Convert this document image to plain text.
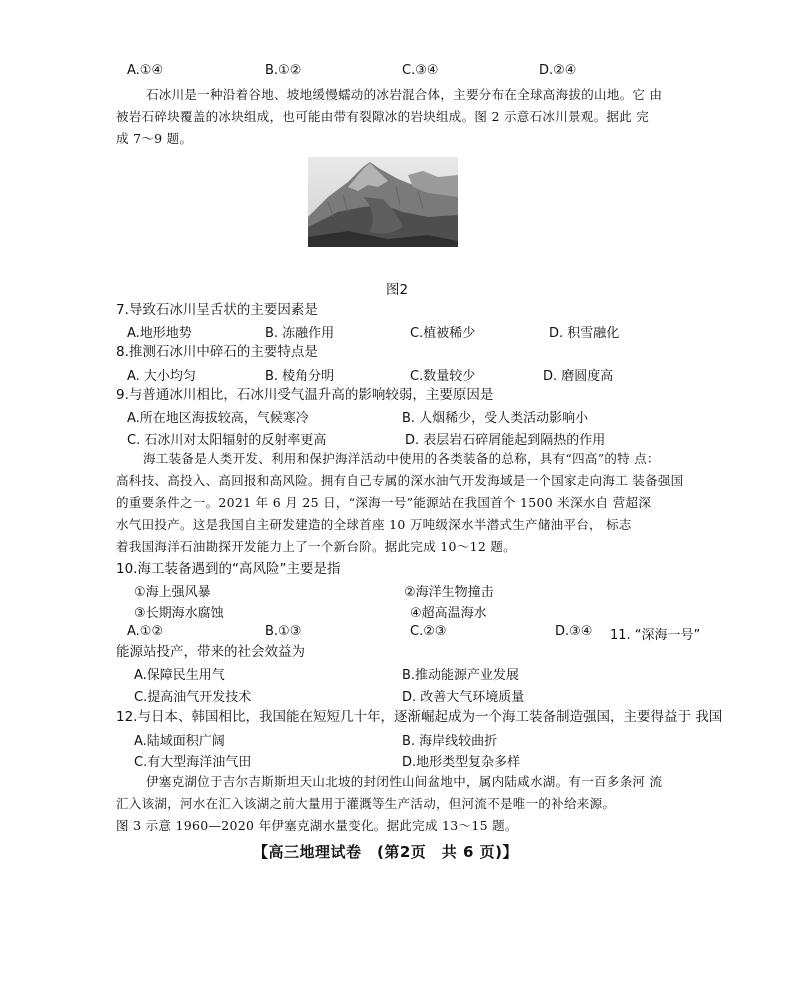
A.①④	B.①②	C.③④	D.②④
石冰川是一种沿着谷地、坡地缓慢蠕动的冰岩混合体，主要分布在全球高海拔的山地。它 由
被岩石碎块覆盖的冰块组成，也可能由带有裂隙冰的岩块组成。图 2 示意石冰川景观。据此 完
成 7～9 题。
图2
7.导致石冰川呈舌状的主要因素是
A.地形地势	B. 冻融作用	C.植被稀少	D. 积雪融化
8.推测石冰川中碎石的主要特点是
A. 大小均匀	B. 棱角分明	C.数量较少	D. 磨圆度高
9.与普通冰川相比，石冰川受气温升高的影响较弱，主要原因是
A.所在地区海拔较高，气候寒冷	B. 人烟稀少，受人类活动影响小
C. 石冰川对太阳辐射的反射率更高	D. 表层岩石碎屑能起到隔热的作用
海工装备是人类开发、利用和保护海洋活动中使用的各类装备的总称，具有“四高”的特 点：
高科技、高投入、高回报和高风险。拥有自己专属的深水油气开发海域是一个国家走向海工 装备强国
的重要条件之一。2021 年 6 月 25 日，“深海一号”能源站在我国首个 1500 米深水自 营超深
水气田投产。这是我国自主研发建造的全球首座 10 万吨级深水半潜式生产储油平台， 标志
着我国海洋石油勘探开发能力上了一个新台阶。据此完成 10～12 题。
10.海工装备遇到的“高风险”主要是指
①海上强风暴	②海洋生物撞击
③长期海水腐蚀	④超高温海水
A.①②	B.①③	C.②③	D.③④ 11. “深海一号”
能源站投产，带来的社会效益为
A.保障民生用气	B.推动能源产业发展
C.提高油气开发技术	D. 改善大气环境质量
12.与日本、韩国相比，我国能在短短几十年，逐渐崛起成为一个海工装备制造强国，主要得益于 我国
A.陆域面积广阔	B. 海岸线较曲折
C.有大型海洋油气田	D.地形类型复杂多样
伊塞克湖位于吉尔吉斯斯坦天山北坡的封闭性山间盆地中，属内陆咸水湖。有一百多条河 流
汇入该湖，河水在汇入该湖之前大量用于灌溉等生产活动，但河流不是唯一的补给来源。
图 3 示意 1960—2020 年伊塞克湖水量变化。据此完成 13～15 题。
【高三地理试卷　(第2页　共 6 页)】
